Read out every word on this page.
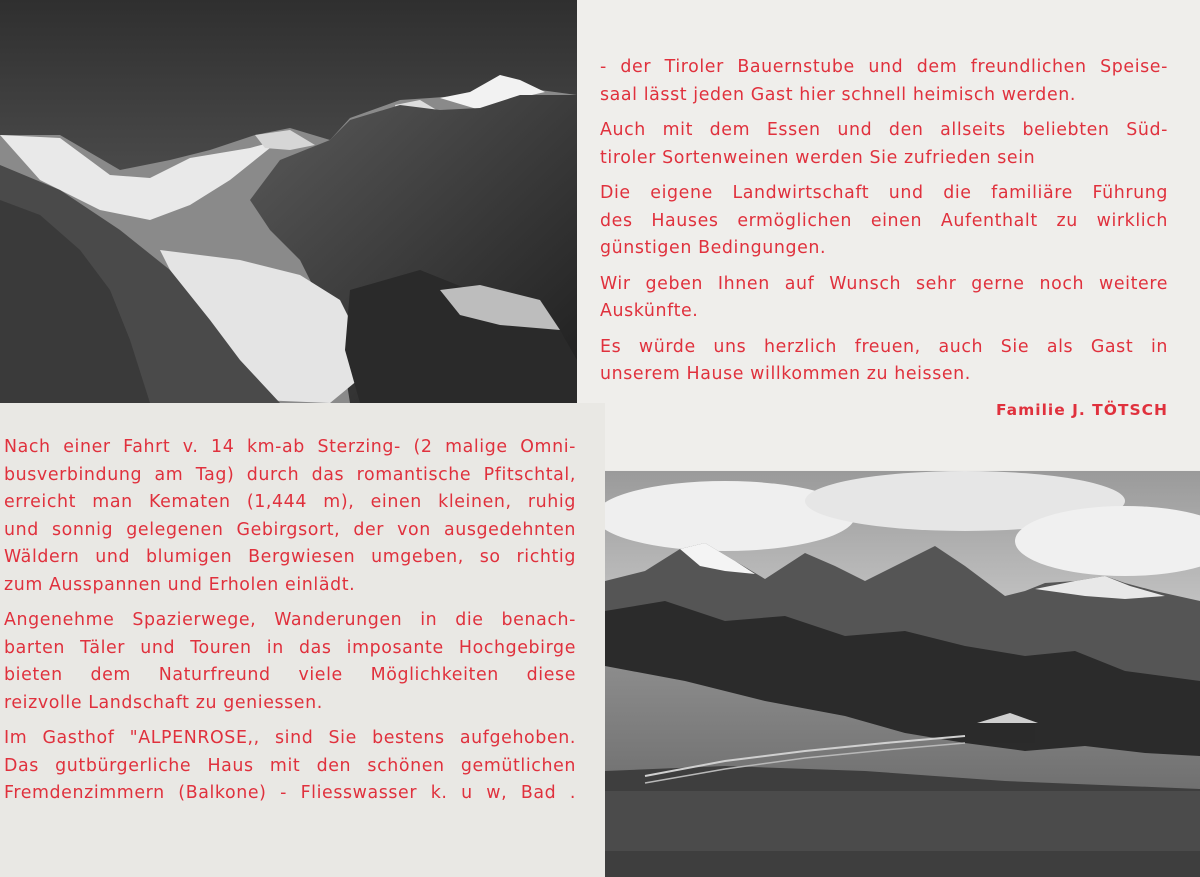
- der Tiroler Bauernstube und dem freundlichen Speise-
saal lässt jeden Gast hier schnell heimisch werden.

Auch mit dem Essen und den allseits beliebten Süd-
tiroler Sortenweinen werden Sie zufrieden sein

Die eigene Landwirtschaft und die familiäre Führung
des Hauses ermöglichen einen Aufenthalt zu wirklich
günstigen Bedingungen.

Wir geben Ihnen auf Wunsch sehr gerne noch weitere
Auskünfte.

Es würde uns herzlich freuen, auch Sie als Gast in
unserem Hause willkommen zu heissen.

Familie J. TÖTSCH

Nach einer Fahrt v. 14 km-ab Sterzing- (2 malige Omni-
busverbindung am Tag) durch das romantische Pfitschtal,
erreicht man Kematen (1,444 m), einen kleinen, ruhig
und sonnig gelegenen Gebirgsort, der von ausgedehnten
Wäldern und blumigen Bergwiesen umgeben, so richtig
zum Ausspannen und Erholen einlädt.

Angenehme Spazierwege, Wanderungen in die benach-
barten Täler und Touren in das imposante Hochgebirge
bieten dem Naturfreund viele Möglichkeiten diese
reizvolle Landschaft zu geniessen.

Im Gasthof "ALPENROSE,, sind Sie bestens aufgehoben.
Das gutbürgerliche Haus mit den schönen gemütlichen
Fremdenzimmern (Balkone) - Fliesswasser k. u w, Bad .
